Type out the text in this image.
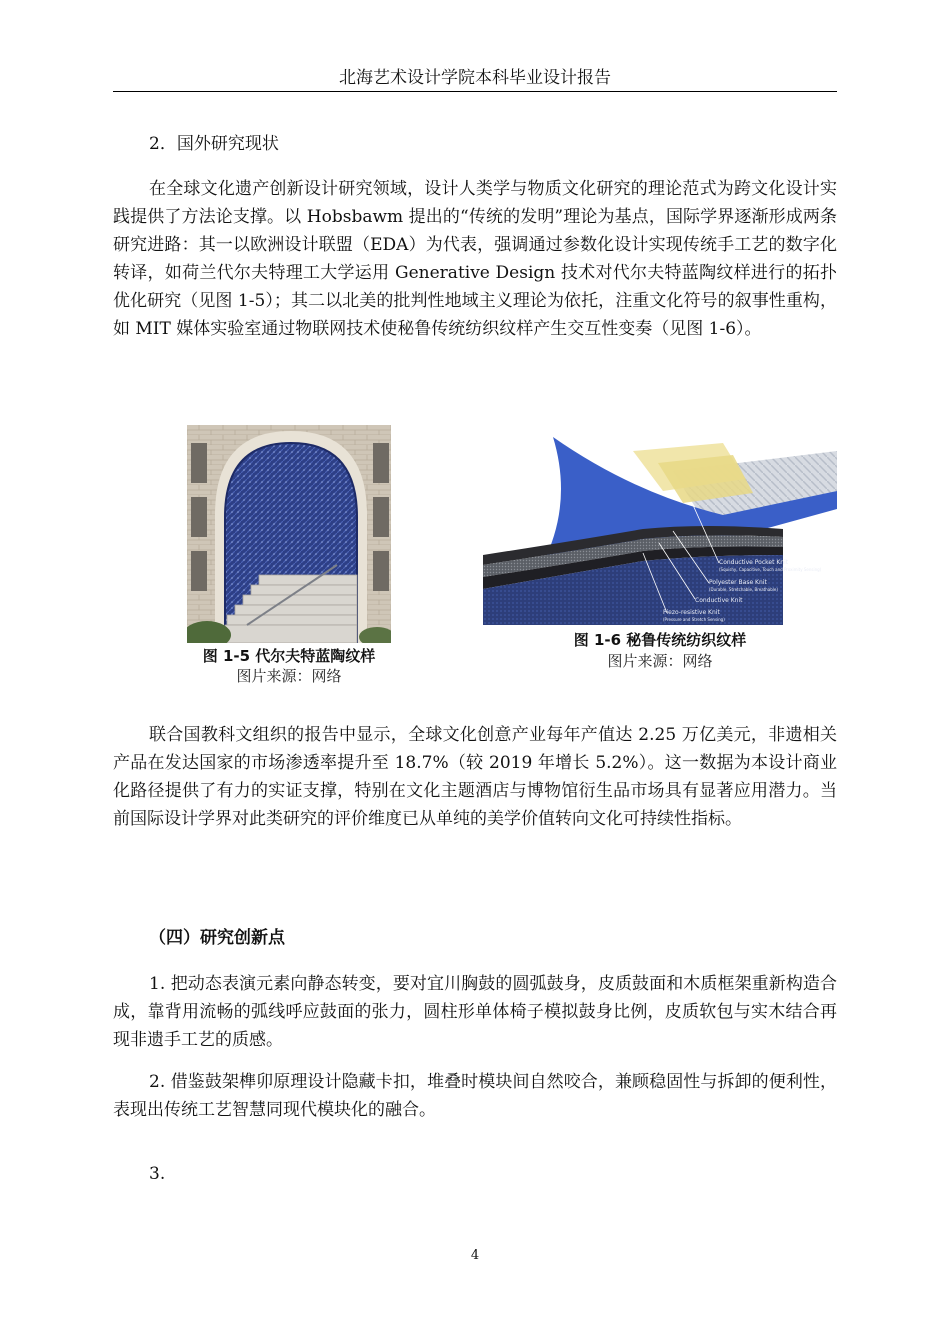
北海艺术设计学院本科毕业设计报告
2．国外研究现状

在全球文化遗产创新设计研究领域，设计人类学与物质文化研究的理论范式为跨文化设计实践提供了方法论支撑。以 Hobsbawm 提出的“传统的发明”理论为基点，国际学界逐渐形成两条研究进路：其一以欧洲设计联盟（EDA）为代表，强调通过参数化设计实现传统手工艺的数字化转译，如荷兰代尔夫特理工大学运用 Generative Design 技术对代尔夫特蓝陶纹样进行的拓扑优化研究（见图 1-5）；其二以北美的批判性地域主义理论为依托，注重文化符号的叙事性重构，如 MIT 媒体实验室通过物联网技术使秘鲁传统纺织纹样产生交互性变奏（见图 1-6）。

图 1-5 代尔夫特蓝陶纹样
图片来源：网络
Conductive Pocket Knit
(Squishy, Capacitive, Touch and Proximity Sensing)
Polyester Base Knit
(Durable, Stretchable, Breathable)
Conductive Knit
Piezo-resistive Knit
(Pressure and Stretch Sensing)
图 1-6 秘鲁传统纺织纹样
图片来源：网络

联合国教科文组织的报告中显示，全球文化创意产业每年产值达 2.25 万亿美元，非遗相关产品在发达国家的市场渗透率提升至 18.7%（较 2019 年增长 5.2%）。这一数据为本设计商业化路径提供了有力的实证支撑，特别在文化主题酒店与博物馆衍生品市场具有显著应用潜力。当前国际设计学界对此类研究的评价维度已从单纯的美学价值转向文化可持续性指标。

（四）研究创新点

1. 把动态表演元素向静态转变，要对宜川胸鼓的圆弧鼓身，皮质鼓面和木质框架重新构造合成，靠背用流畅的弧线呼应鼓面的张力，圆柱形单体椅子模拟鼓身比例，皮质软包与实木结合再现非遗手工艺的质感。

2. 借鉴鼓架榫卯原理设计隐藏卡扣，堆叠时模块间自然咬合，兼顾稳固性与拆卸的便利性，表现出传统工艺智慧同现代模块化的融合。

3.
4
